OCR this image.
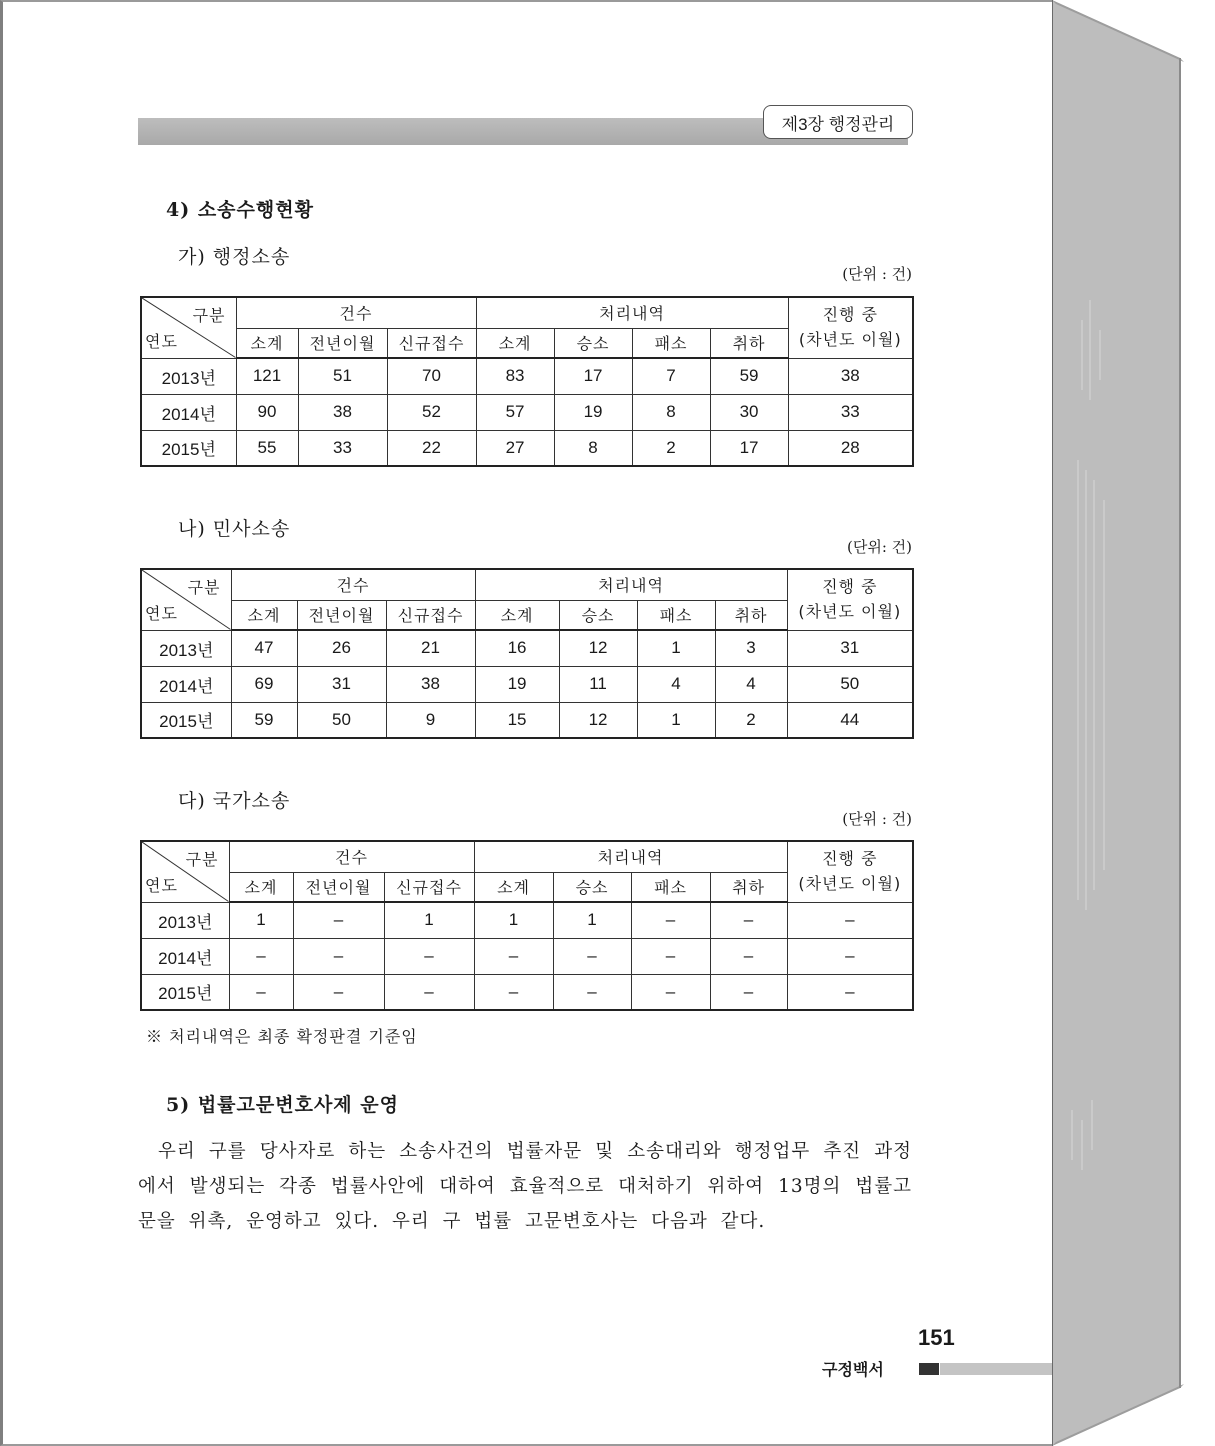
제3장 행정관리
4) 소송수행현황
가) 행정소송
(단위 : 건)
구분
연도	건수			처리내역				진행 중
(차년도 이월)
	소계	전년이월	신규접수	소계	승소	패소	취하	
2013년	121	51	70	83	17	7	59	38
2014년	90	38	52	57	19	8	30	33
2015년	55	33	22	27	8	2	17	28
나) 민사소송
(단위: 건)
구분
연도	건수			처리내역				진행 중
(차년도 이월)
	소계	전년이월	신규접수	소계	승소	패소	취하	
2013년	47	26	21	16	12	1	3	31
2014년	69	31	38	19	11	4	4	50
2015년	59	50	9	15	12	1	2	44
다) 국가소송
(단위 : 건)
구분
연도	건수			처리내역				진행 중
(차년도 이월)
	소계	전년이월	신규접수	소계	승소	패소	취하	
2013년	1	–	1	1	1	–	–	–
2014년	–	–	–	–	–	–	–	–
2015년	–	–	–	–	–	–	–	–
※ 처리내역은 최종 확정판결 기준임
5) 법률고문변호사제 운영
우리 구를 당사자로 하는 소송사건의 법률자문 및 소송대리와 행정업무 추진 과정에서 발생되는 각종 법률사안에 대하여 효율적으로 대처하기 위하여 13명의 법률고문을 위촉, 운영하고 있다. 우리 구 법률 고문변호사는 다음과 같다.
151
구정백서
